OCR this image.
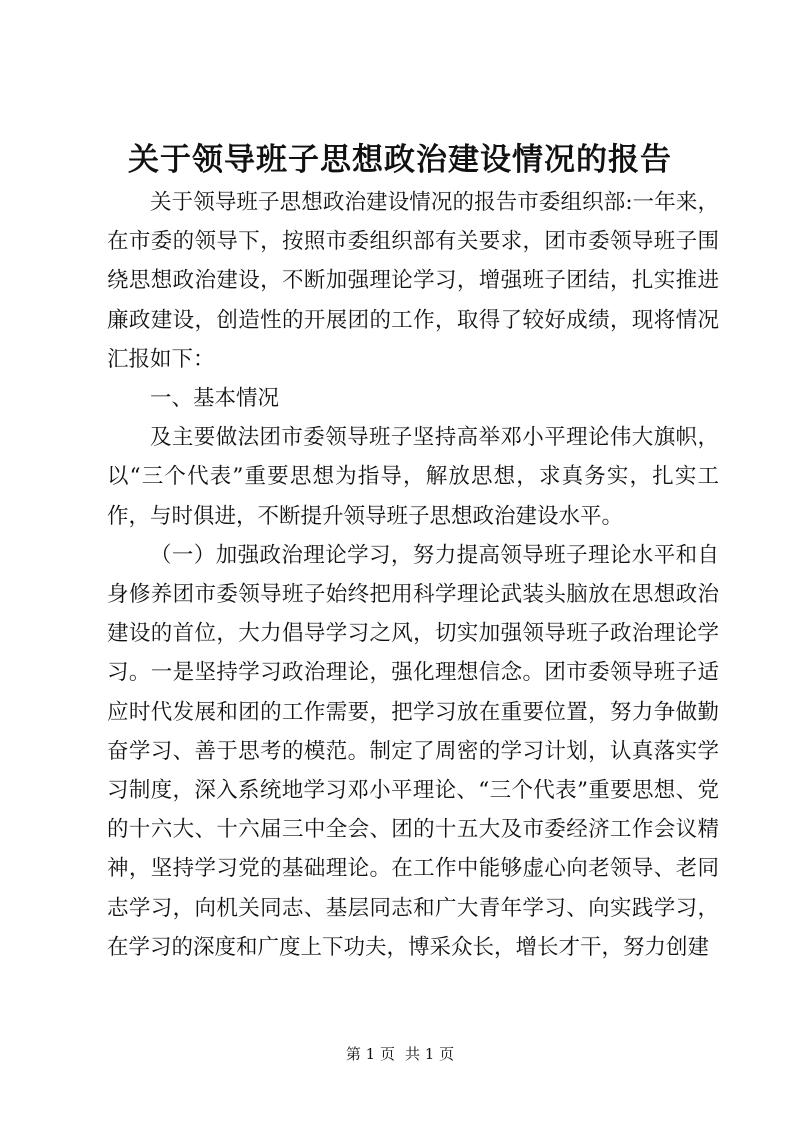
关于领导班子思想政治建设情况的报告

关于领导班子思想政治建设情况的报告市委组织部:一年来，在市委的领导下，按照市委组织部有关要求，团市委领导班子围绕思想政治建设，不断加强理论学习，增强班子团结，扎实推进廉政建设，创造性的开展团的工作，取得了较好成绩，现将情况汇报如下：

一、基本情况

及主要做法团市委领导班子坚持高举邓小平理论伟大旗帜，以“三个代表”重要思想为指导，解放思想，求真务实，扎实工作，与时俱进，不断提升领导班子思想政治建设水平。

（一）加强政治理论学习，努力提高领导班子理论水平和自身修养团市委领导班子始终把用科学理论武装头脑放在思想政治建设的首位，大力倡导学习之风，切实加强领导班子政治理论学习。一是坚持学习政治理论，强化理想信念。团市委领导班子适应时代发展和团的工作需要，把学习放在重要位置，努力争做勤奋学习、善于思考的模范。制定了周密的学习计划，认真落实学习制度，深入系统地学习邓小平理论、“三个代表”重要思想、党的十六大、十六届三中全会、团的十五大及市委经济工作会议精神，坚持学习党的基础理论。在工作中能够虚心向老领导、老同志学习，向机关同志、基层同志和广大青年学习、向实践学习，在学习的深度和广度上下功夫，博采众长，增长才干，努力创建

第 1 页 共 1 页
